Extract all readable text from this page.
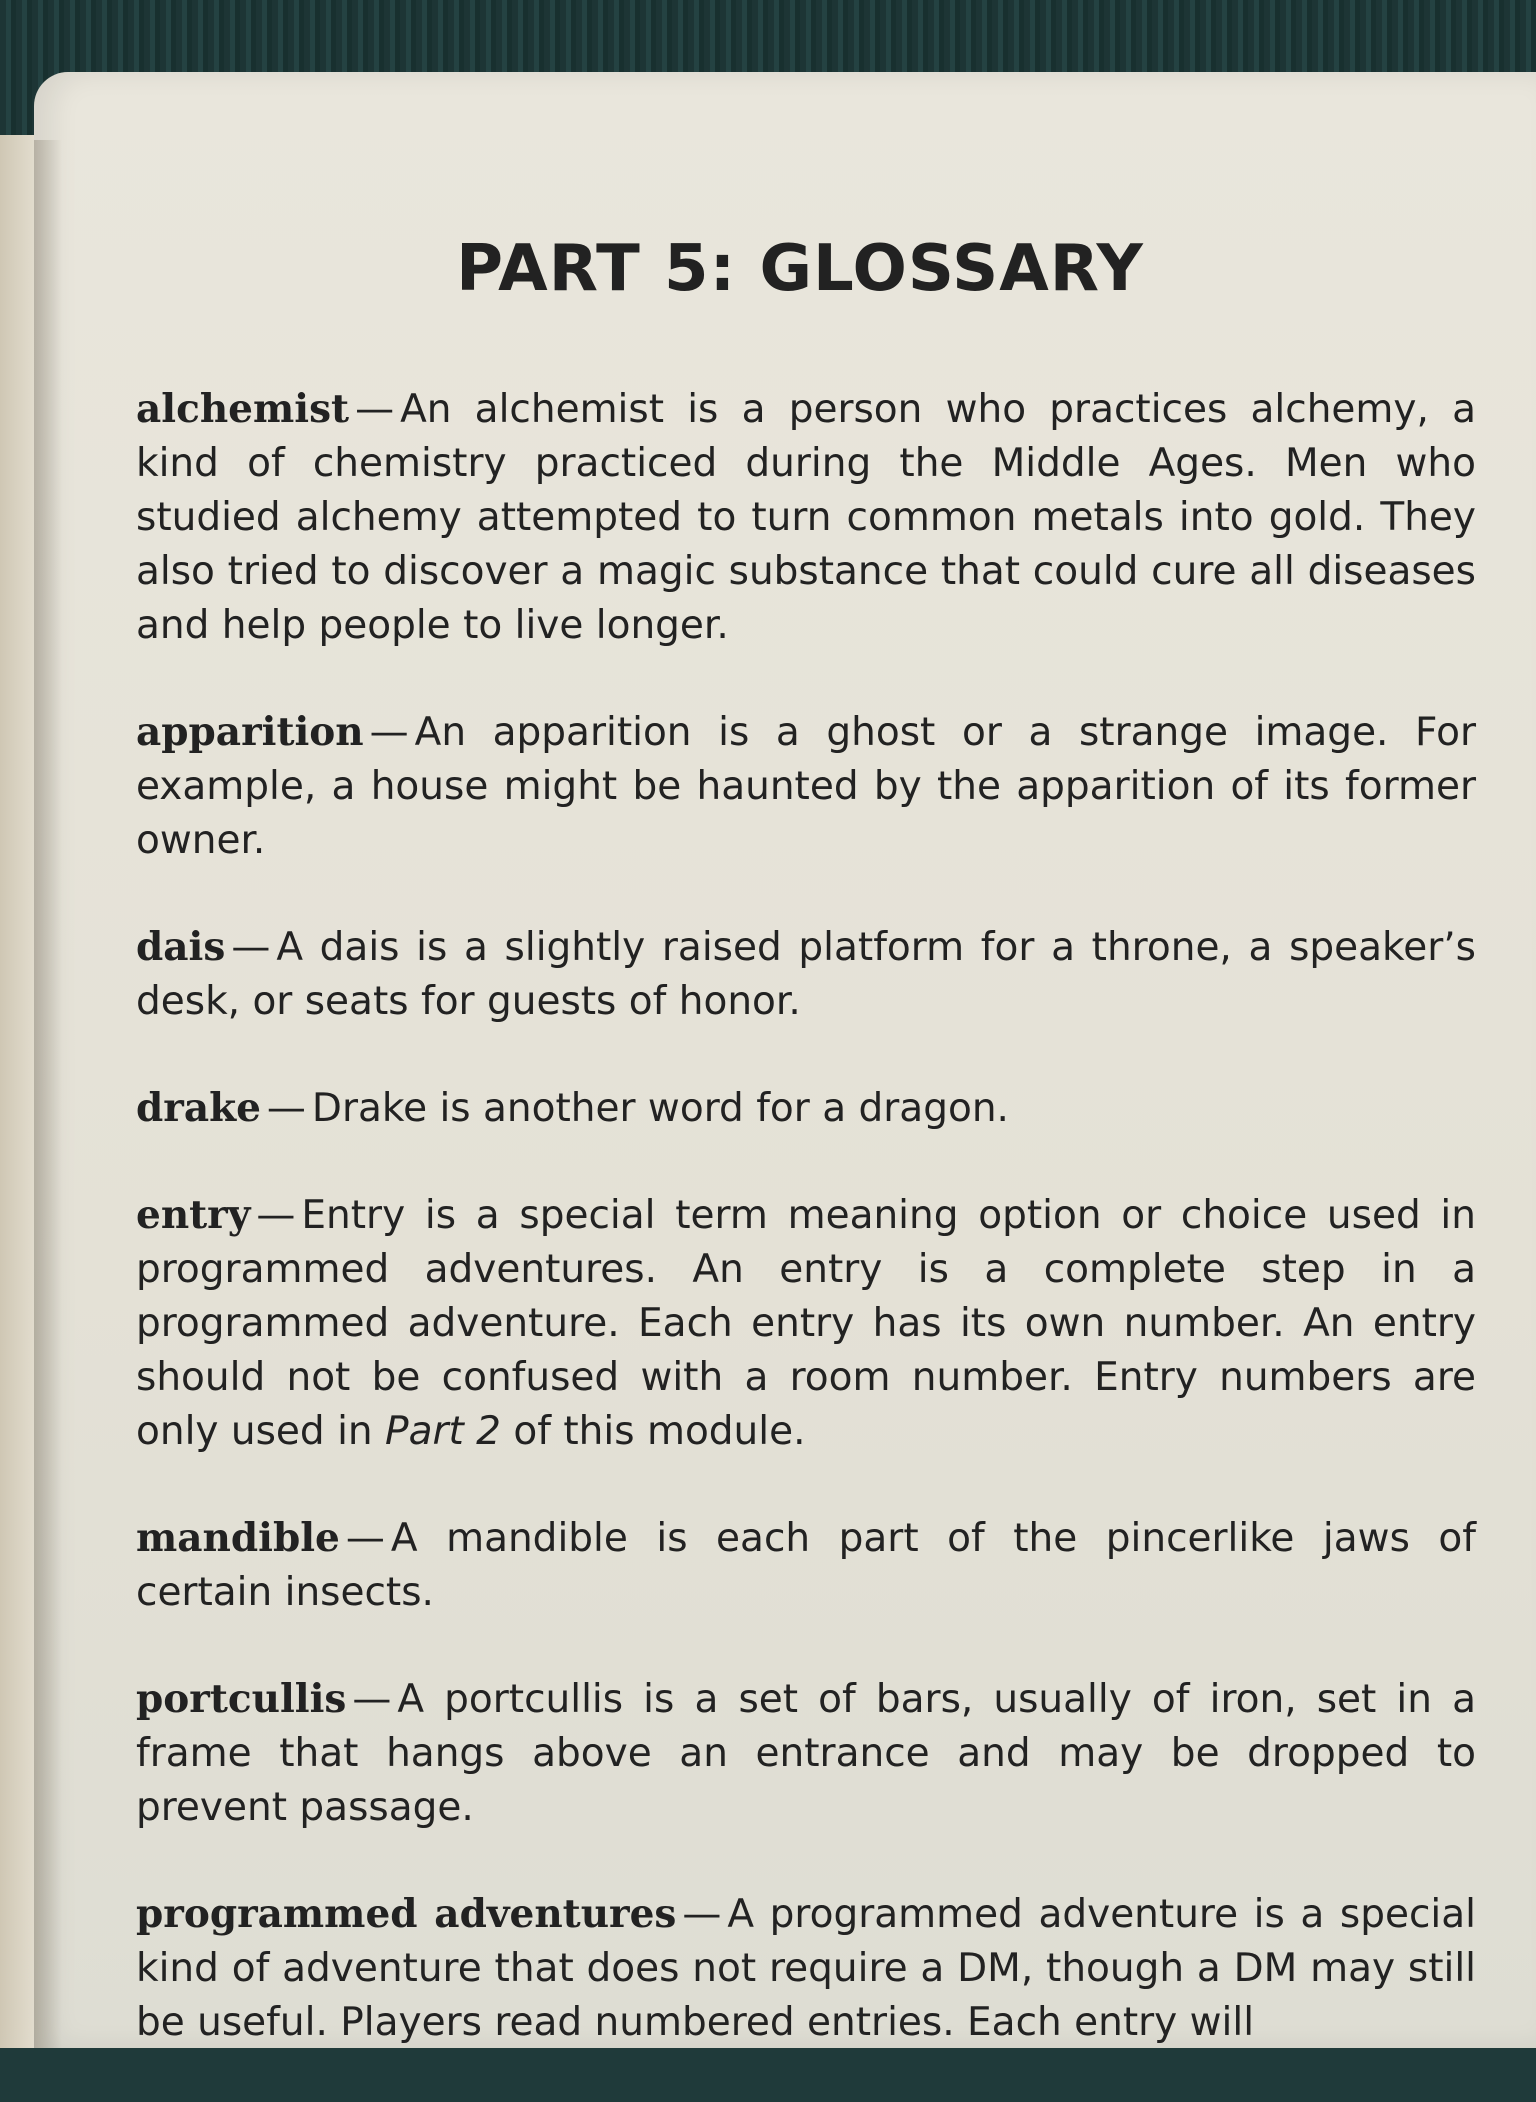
PART 5: GLOSSARY

alchemist — An alchemist is a person who practices alchemy, a kind of chemistry practiced during the Middle Ages. Men who studied alchemy attempted to turn common metals into gold. They also tried to discover a magic substance that could cure all diseases and help people to live longer.

apparition — An apparition is a ghost or a strange image. For example, a house might be haunted by the apparition of its former owner.

dais — A dais is a slightly raised platform for a throne, a speaker’s desk, or seats for guests of honor.

drake — Drake is another word for a dragon.

entry — Entry is a special term meaning option or choice used in programmed adventures. An entry is a complete step in a programmed adventure. Each entry has its own number. An entry should not be confused with a room number. Entry numbers are only used in Part 2 of this module.

mandible — A mandible is each part of the pincerlike jaws of certain insects.

portcullis — A portcullis is a set of bars, usually of iron, set in a frame that hangs above an entrance and may be dropped to prevent passage.

programmed adventures — A programmed adventure is a special kind of adventure that does not require a DM, though a DM may still be useful. Players read numbered entries. Each entry will
